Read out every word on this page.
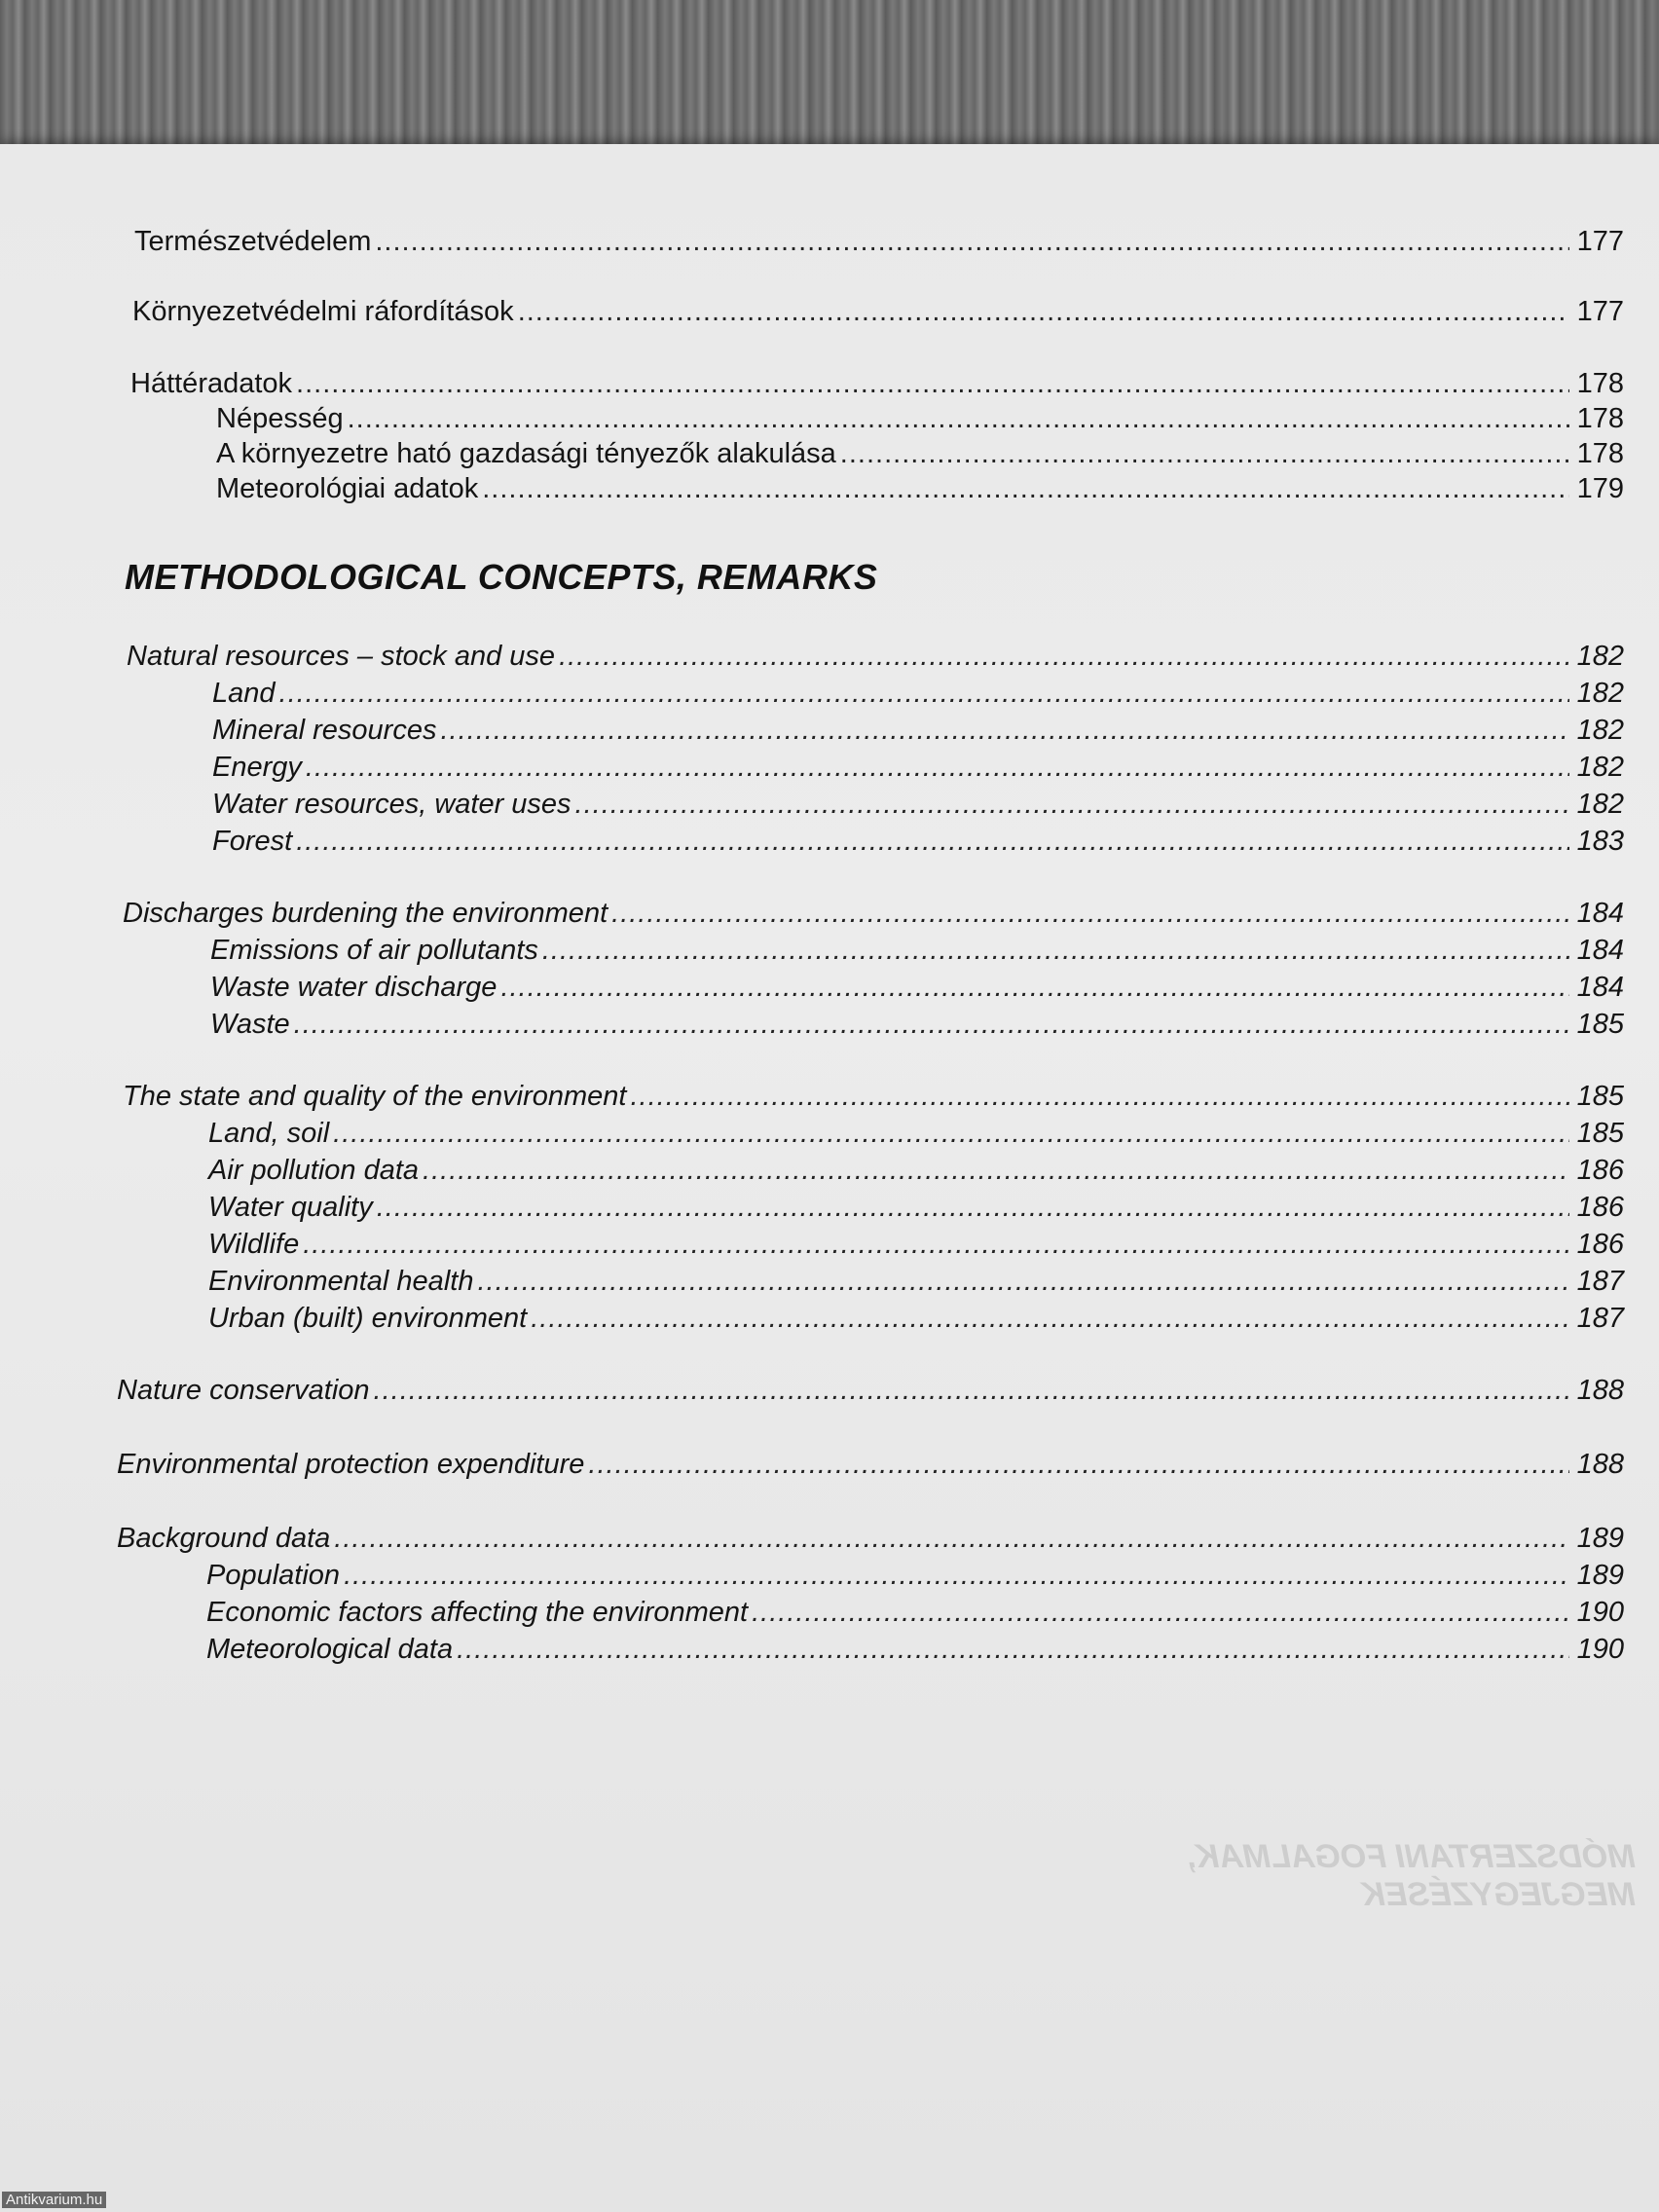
MÓDSZERTANI FOGALMAK, MEGJEGYZÉSEK
Természetvédelem .....	177
Környezetvédelmi ráfordítások .....	177
Háttéradatok .....	178
Népesség .....	178
A környezetre ható gazdasági tényezők alakulása .....	178
Meteorológiai adatok .....	179
METHODOLOGICAL CONCEPTS, REMARKS
Natural resources – stock and use .....	182
Land .....	182
Mineral resources .....	182
Energy .....	182
Water resources, water uses .....	182
Forest .....	183
Discharges burdening the environment .....	184
Emissions of air pollutants .....	184
Waste water discharge .....	184
Waste .....	185
The state and quality of the environment .....	185
Land, soil .....	185
Air pollution data .....	186
Water quality .....	186
Wildlife .....	186
Environmental health .....	187
Urban (built) environment .....	187
Nature conservation .....	188
Environmental protection expenditure .....	188
Background data .....	189
Population .....	189
Economic factors affecting the environment .....	190
Meteorological data .....	190
Antikvarium.hu
